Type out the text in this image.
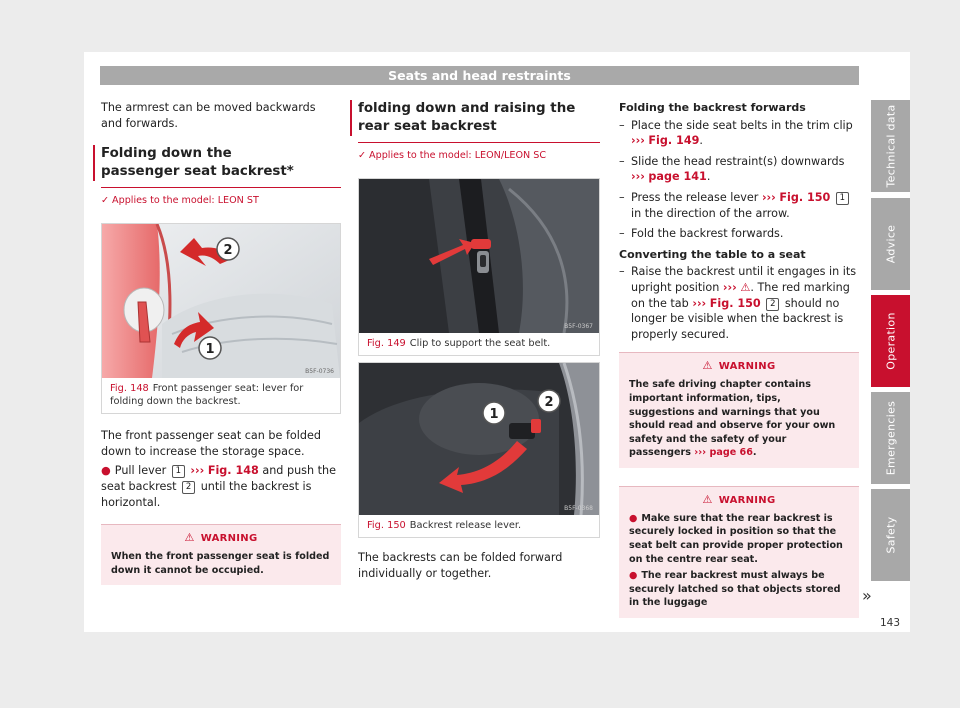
Seats and head restraints

The armrest can be moved backwards and forwards.

Folding down the passenger seat backrest*
✓ Applies to the model: LEON ST
2
1
B5F-0736
Fig. 148 Front passenger seat: lever for folding down the backrest.

The front passenger seat can be folded down to increase the storage space.

● Pull lever 1 ››› Fig. 148 and push the seat backrest 2 until the backrest is horizontal.

⚠ WARNING
When the front passenger seat is folded down it cannot be occupied.
folding down and raising the rear seat backrest
✓ Applies to the model: LEON/LEON SC
B5F-0367
Fig. 149 Clip to support the seat belt.
1
2
B5F-0368
Fig. 150 Backrest release lever.

The backrests can be folded forward individually or together.

Folding the backrest forwards
– Place the side seat belts in the trim clip ››› Fig. 149.
– Slide the head restraint(s) downwards ››› page 141.
– Press the release lever ››› Fig. 150 1 in the direction of the arrow.
– Fold the backrest forwards.
Converting the table to a seat
– Raise the backrest until it engages in its upright position ››› ⚠. The red marking on the tab ››› Fig. 150 2 should no longer be visible when the backrest is properly secured.
⚠ WARNING
The safe driving chapter contains important information, tips, suggestions and warnings that you should read and observe for your own safety and the safety of your passengers ››› page 66.
⚠ WARNING
● Make sure that the rear backrest is securely locked in position so that the seat belt can provide proper protection on the centre rear seat.
● The rear backrest must always be securely latched so that objects stored in the luggage	»
Technical data
Advice
Operation
Emergencies
Safety
143
